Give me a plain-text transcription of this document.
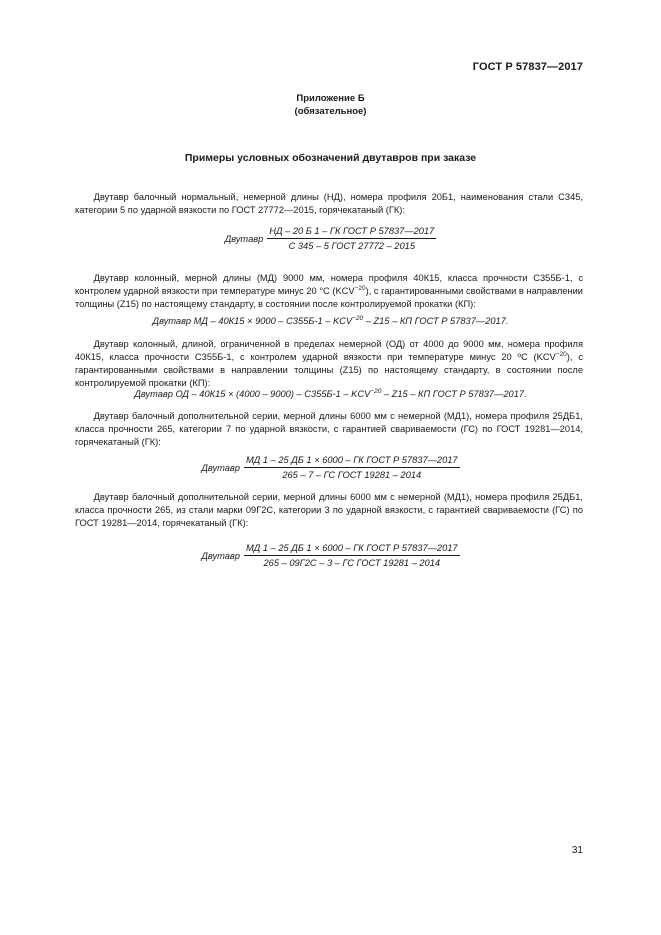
ГОСТ Р 57837—2017
Приложение Б
(обязательное)
Примеры условных обозначений двутавров при заказе
  Двутавр балочный нормальный, немерной длины (НД), номера профиля 20Б1, наименования стали С345, категории 5 по ударной вязкости по ГОСТ 27772—2015, горячекатаный (ГК):
Двутавр $\frac{\text{НД – 20 Б 1 – ГК ГОСТ Р 57837—2017}}{\text{С 345 – 5 ГОСТ 27772 – 2015}}$
  Двутавр колонный, мерной длины (МД) 9000 мм, номера профиля 40К15, класса прочности С355Б-1, с контролем ударной вязкости при температуре минус 20 °С $(KCV^{-20})$, с гарантированными свойствами в направлении толщины (Z15) по настоящему стандарту, в состоянии после контролируемой прокатки (КП):
Двутавр МД – $40К15 \times 9000 - С355Б-1 - KCV^{-20} - Z15$ – КП ГОСТ Р 57837—2017.
  Двутавр колонный, длиной, ограниченной в пределах немерной (ОД) от 4000 до 9000 мм, номера профиля 40К15, класса прочности С355Б-1, с контролем ударной вязкости при температуре минус 20 ºС $(KCV^{-20})$, с гарантированными свойствами в направлении толщины (Z15) по настоящему стандарту, в состоянии после контролируемой прокатки (КП):
Двутавр ОД – $40К15 \times (4000 - 9000) - С355Б-1 - KCV^{-20} - Z15$ – КП ГОСТ Р 57837—2017.
  Двутавр балочный дополнительной серии, мерной длины 6000 мм с немерной (МД1), номера профиля 25ДБ1, класса прочности 265, категории 7 по ударной вязкости, с гарантией свариваемости (ГС) по ГОСТ 19281—2014, горячекатаный (ГК):
Двутавр $\frac{\text{МД 1 – 25 ДБ 1 × 6000 – ГК ГОСТ Р 57837—2017}}{\text{265 – 7 – ГС ГОСТ 19281 – 2014}}$
  Двутавр балочный дополнительной серии, мерной длины 6000 мм с немерной (МД1), номера профиля 25ДБ1, класса прочности 265, из стали марки 09Г2С, категории 3 по ударной вязкости, с гарантией свариваемости (ГС) по ГОСТ 19281—2014, горячекатаный (ГК):
Двутавр $\frac{\text{МД 1 – 25 ДБ 1 × 6000 – ГК ГОСТ Р 57837—2017}}{\text{265 – 09Г2С – 3 – ГС ГОСТ 19281 – 2014}}$
31
